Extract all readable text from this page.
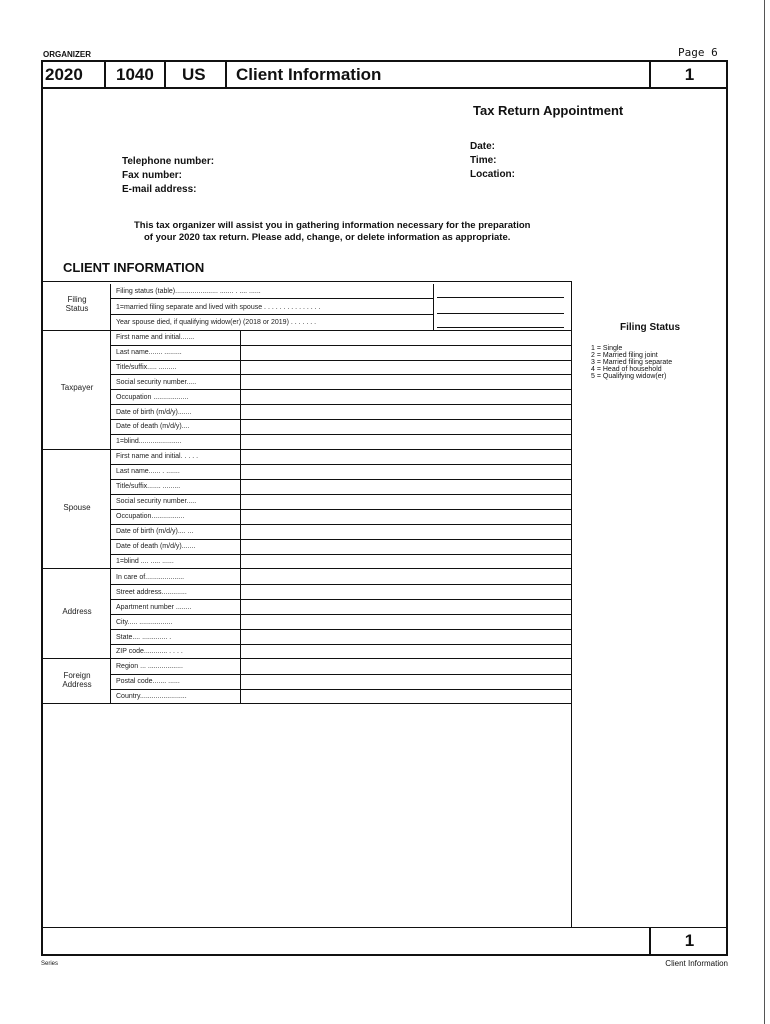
ORGANIZER	Page 6
2020 1040 US Client Information	1
Tax Return Appointment
Date:
Time:
Location:
Telephone number:
Fax number:
E-mail address:
This tax organizer will assist you in gathering information necessary for the preparation
of your 2020 tax return. Please add, change, or delete information as appropriate.
CLIENT INFORMATION
Filing
Status
Filing status (table)...................... ....... . .... ......
1=married filing separate and lived with spouse . . . . . . . . . . . . . . .
Year spouse died, if qualifying widow(er) (2018 or 2019) . . . . . . .
Taxpayer
First name and initial.......
Last name....... .........
Title/suffix..... .........
Social security number.....
Occupation ..................
Date of birth (m/d/y).......
Date of death (m/d/y)....
1=blind......................
Spouse
First name and initial. . . . .
Last name...... . .......
Title/suffix....... .........
Social security number.....
Occupation.................
Date of birth (m/d/y).... ...
Date of death (m/d/y).......
1=blind .... ..... ......
Address
In care of....................
Street address.............
Apartment number ........
City..... .................
State.... ............. .
ZIP code............ . . . .
Foreign
Address
Region ... ..................
Postal code....... ......
Country........................
Filing Status
1 = Single
2 = Married filing joint
3 = Married filing separate
4 = Head of household
5 = Qualifying widow(er)
1
Series	Client Information
